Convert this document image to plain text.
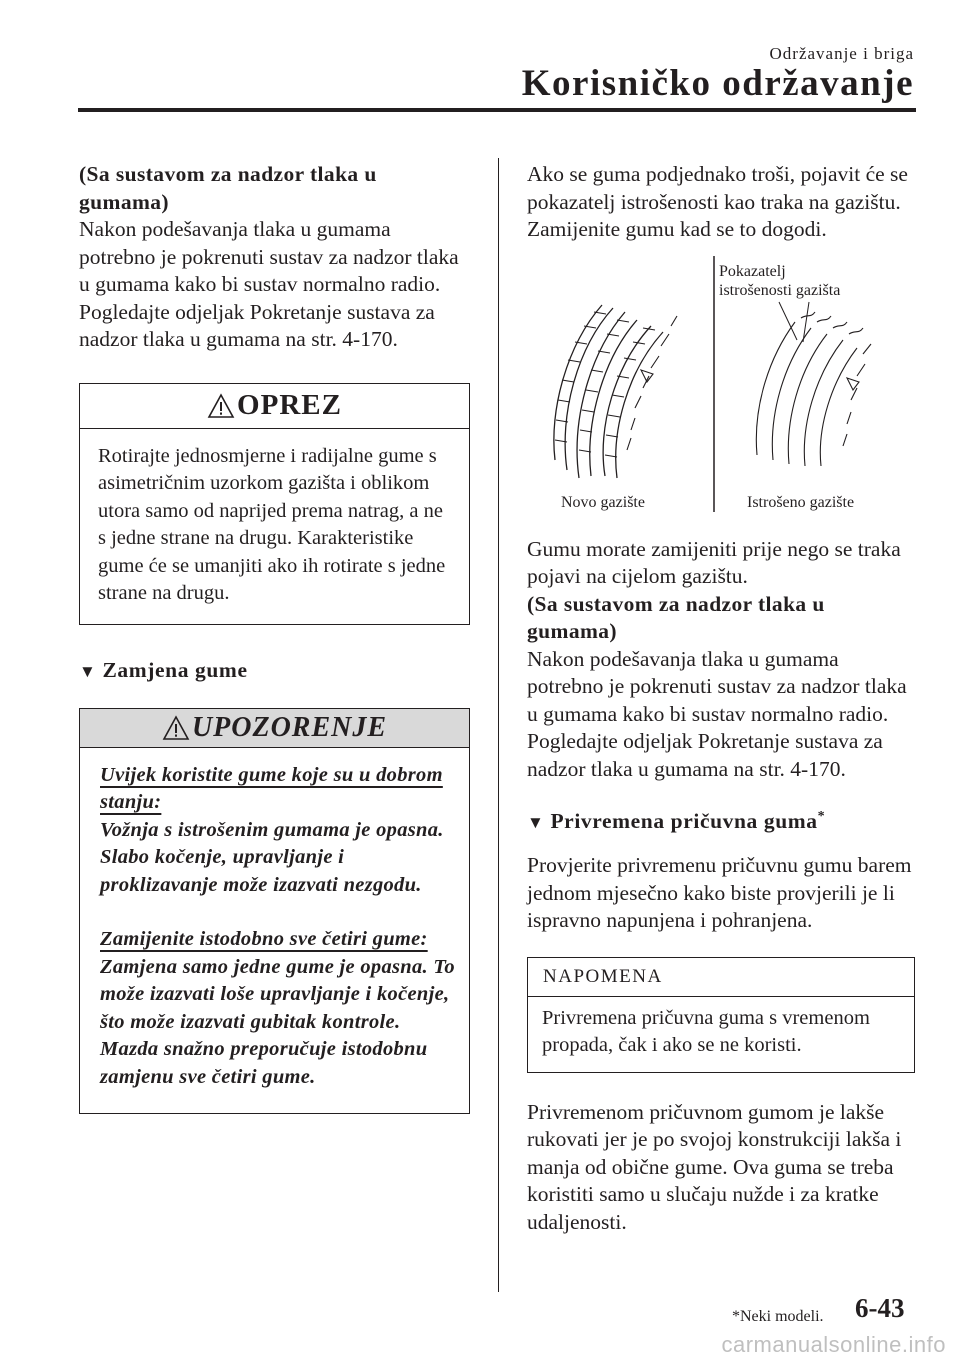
Održavanje i briga
Korisničko održavanje

(Sa sustavom za nadzor tlaka u gumama)

Nakon podešavanja tlaka u gumama potrebno je pokrenuti sustav za nadzor tlaka u gumama kako bi sustav normalno radio.

Pogledajte odjeljak Pokretanje sustava za nadzor tlaka u gumama na str. 4-170.

OPREZ

Rotirajte jednosmjerne i radijalne gume s asimetričnim uzorkom gazišta i oblikom utora samo od naprijed prema natrag, a ne s jedne strane na drugu. Karakteristike gume će se umanjiti ako ih rotirate s jedne strane na drugu.

▼ Zamjena gume
UPOZORENJE

Uvijek koristite gume koje su u dobrom stanju:

Vožnja s istrošenim gumama je opasna. Slabo kočenje, upravljanje i proklizavanje može izazvati nezgodu.

Zamijenite istodobno sve četiri gume:

Zamjena samo jedne gume je opasna. To može izazvati loše upravljanje i kočenje, što može izazvati gubitak kontrole. Mazda snažno preporučuje istodobnu zamjenu sve četiri gume.

Ako se guma podjednako troši, pojavit će se pokazatelj istrošenosti kao traka na gazištu.

Zamijenite gumu kad se to dogodi.

Pokazatelj
istrošenosti gazišta
Novo gazište	Istrošeno gazište

Gumu morate zamijeniti prije nego se traka pojavi na cijelom gazištu.

(Sa sustavom za nadzor tlaka u gumama)

Nakon podešavanja tlaka u gumama potrebno je pokrenuti sustav za nadzor tlaka u gumama kako bi sustav normalno radio.

Pogledajte odjeljak Pokretanje sustava za nadzor tlaka u gumama na str. 4-170.

▼ Privremena pričuvna guma*

Provjerite privremenu pričuvnu gumu barem jednom mjesečno kako biste provjerili je li ispravno napunjena i pohranjena.

NAPOMENA

Privremena pričuvna guma s vremenom propada, čak i ako se ne koristi.

Privremenom pričuvnom gumom je lakše rukovati jer je po svojoj konstrukciji lakša i manja od obične gume. Ova guma se treba koristiti samo u slučaju nužde i za kratke udaljenosti.

*Neki modeli. 6-43
carmanualsonline.info
